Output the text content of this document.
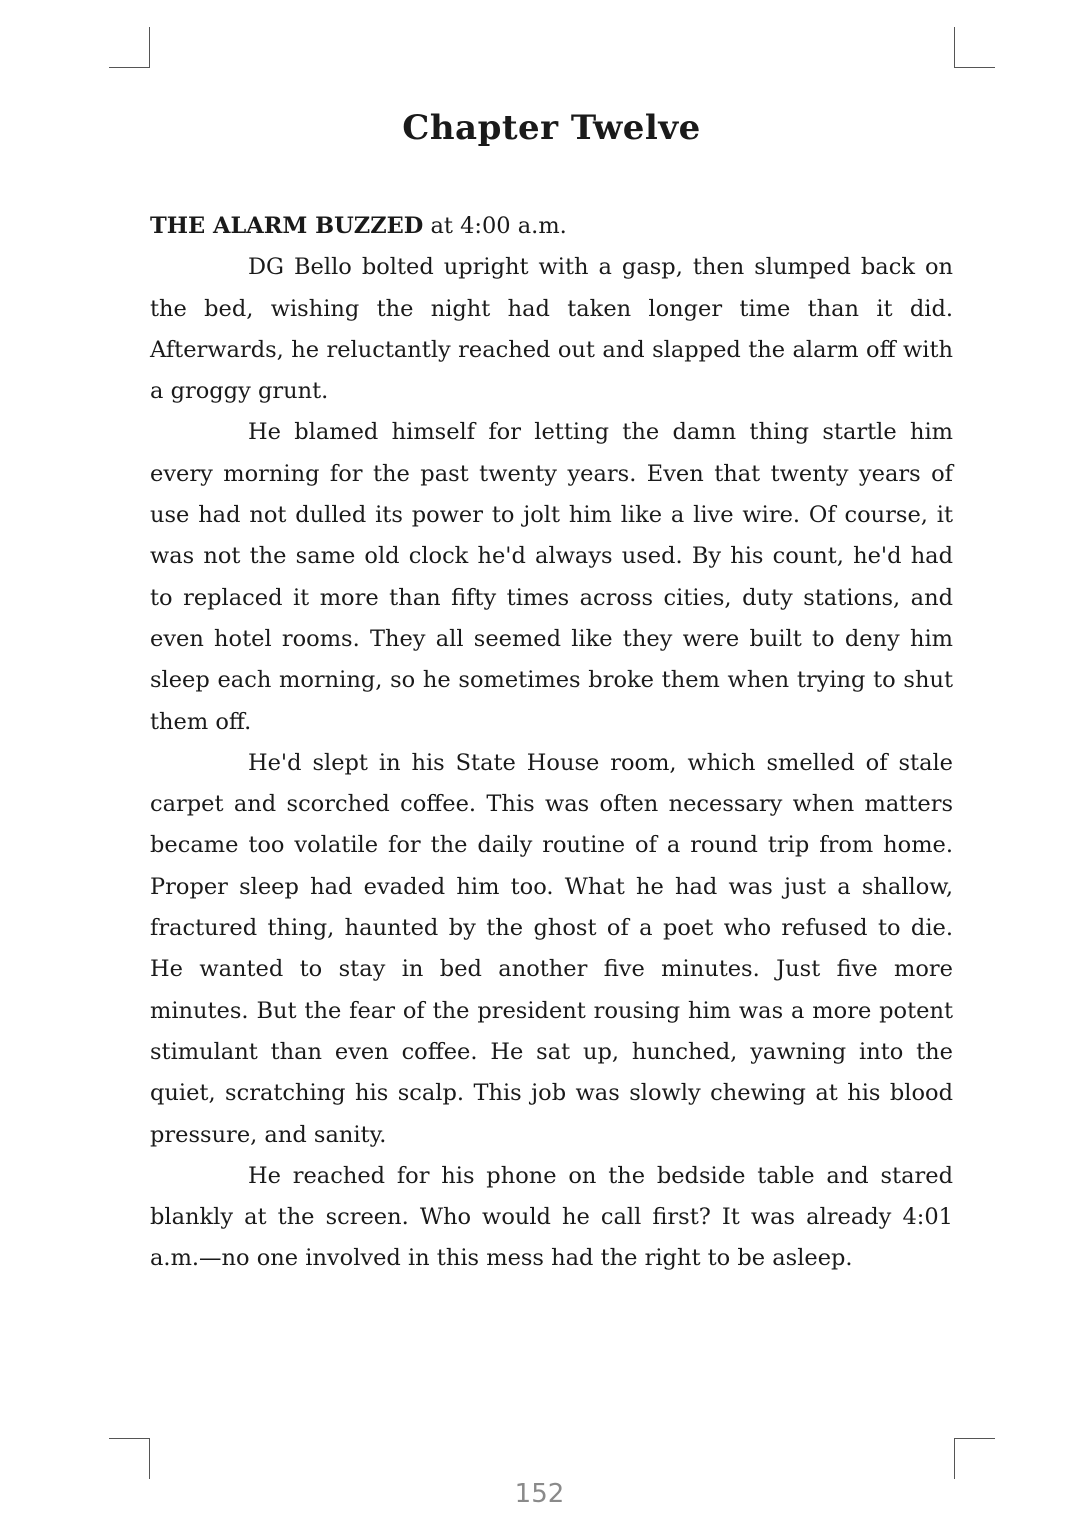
Chapter Twelve

THE ALARM BUZZED at 4:00 a.m.

DG Bello bolted upright with a gasp, then slumped back on the bed, wishing the night had taken longer time than it did. Afterwards, he reluctantly reached out and slapped the alarm off with a groggy grunt.

He blamed himself for letting the damn thing startle him every morning for the past twenty years. Even that twenty years of use had not dulled its power to jolt him like a live wire. Of course, it was not the same old clock he'd always used. By his count, he'd had to replaced it more than fifty times across cities, duty stations, and even hotel rooms. They all seemed like they were built to deny him sleep each morning, so he sometimes broke them when trying to shut them off.

He'd slept in his State House room, which smelled of stale carpet and scorched coffee. This was often necessary when matters became too volatile for the daily routine of a round trip from home. Proper sleep had evaded him too. What he had was just a shallow, fractured thing, haunted by the ghost of a poet who refused to die. He wanted to stay in bed another five minutes. Just five more minutes. But the fear of the president rousing him was a more potent stimulant than even coffee. He sat up, hunched, yawning into the quiet, scratching his scalp. This job was slowly chewing at his blood pressure, and sanity.

He reached for his phone on the bedside table and stared blankly at the screen. Who would he call first? It was already 4:01 a.m.—no one involved in this mess had the right to be asleep.

152
